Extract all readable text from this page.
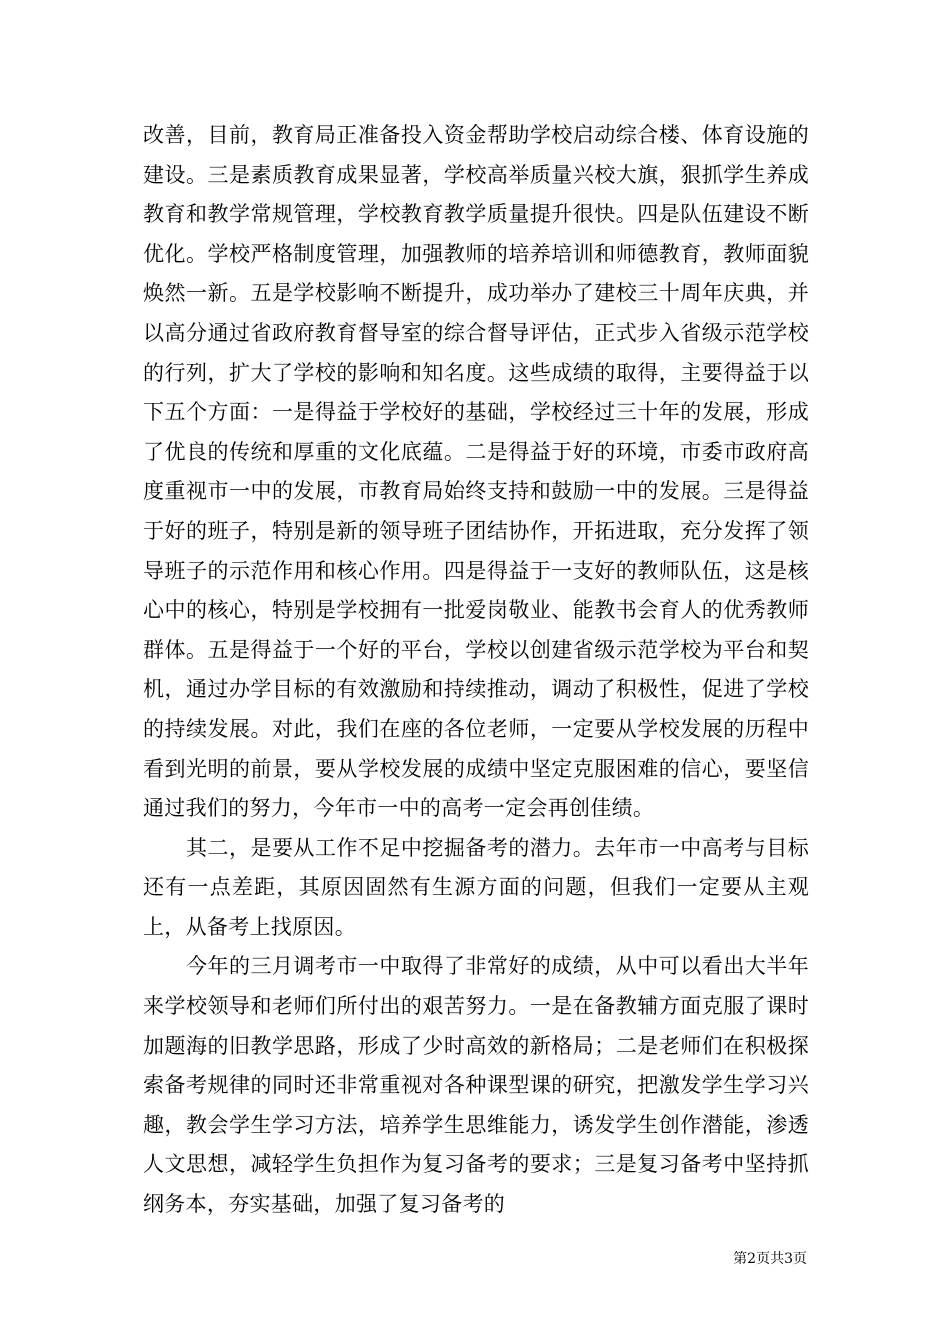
改善，目前，教育局正准备投入资金帮助学校启动综合楼、体育设施的建设。三是素质教育成果显著，学校高举质量兴校大旗，狠抓学生养成教育和教学常规管理，学校教育教学质量提升很快。四是队伍建设不断优化。学校严格制度管理，加强教师的培养培训和师德教育，教师面貌焕然一新。五是学校影响不断提升，成功举办了建校三十周年庆典，并以高分通过省政府教育督导室的综合督导评估，正式步入省级示范学校的行列，扩大了学校的影响和知名度。这些成绩的取得，主要得益于以下五个方面：一是得益于学校好的基础，学校经过三十年的发展，形成了优良的传统和厚重的文化底蕴。二是得益于好的环境，市委市政府高度重视市一中的发展，市教育局始终支持和鼓励一中的发展。三是得益于好的班子，特别是新的领导班子团结协作，开拓进取，充分发挥了领导班子的示范作用和核心作用。四是得益于一支好的教师队伍，这是核心中的核心，特别是学校拥有一批爱岗敬业、能教书会育人的优秀教师群体。五是得益于一个好的平台，学校以创建省级示范学校为平台和契机，通过办学目标的有效激励和持续推动，调动了积极性，促进了学校的持续发展。对此，我们在座的各位老师，一定要从学校发展的历程中看到光明的前景，要从学校发展的成绩中坚定克服困难的信心，要坚信通过我们的努力，今年市一中的高考一定会再创佳绩。

　　其二，是要从工作不足中挖掘备考的潜力。去年市一中高考与目标还有一点差距，其原因固然有生源方面的问题，但我们一定要从主观上，从备考上找原因。

　　今年的三月调考市一中取得了非常好的成绩，从中可以看出大半年来学校领导和老师们所付出的艰苦努力。一是在备教辅方面克服了课时加题海的旧教学思路，形成了少时高效的新格局；二是老师们在积极探索备考规律的同时还非常重视对各种课型课的研究，把激发学生学习兴趣，教会学生学习方法，培养学生思维能力，诱发学生创作潜能，渗透人文思想，减轻学生负担作为复习备考的要求；三是复习备考中坚持抓纲务本，夯实基础，加强了复习备考的

第2页共3页
